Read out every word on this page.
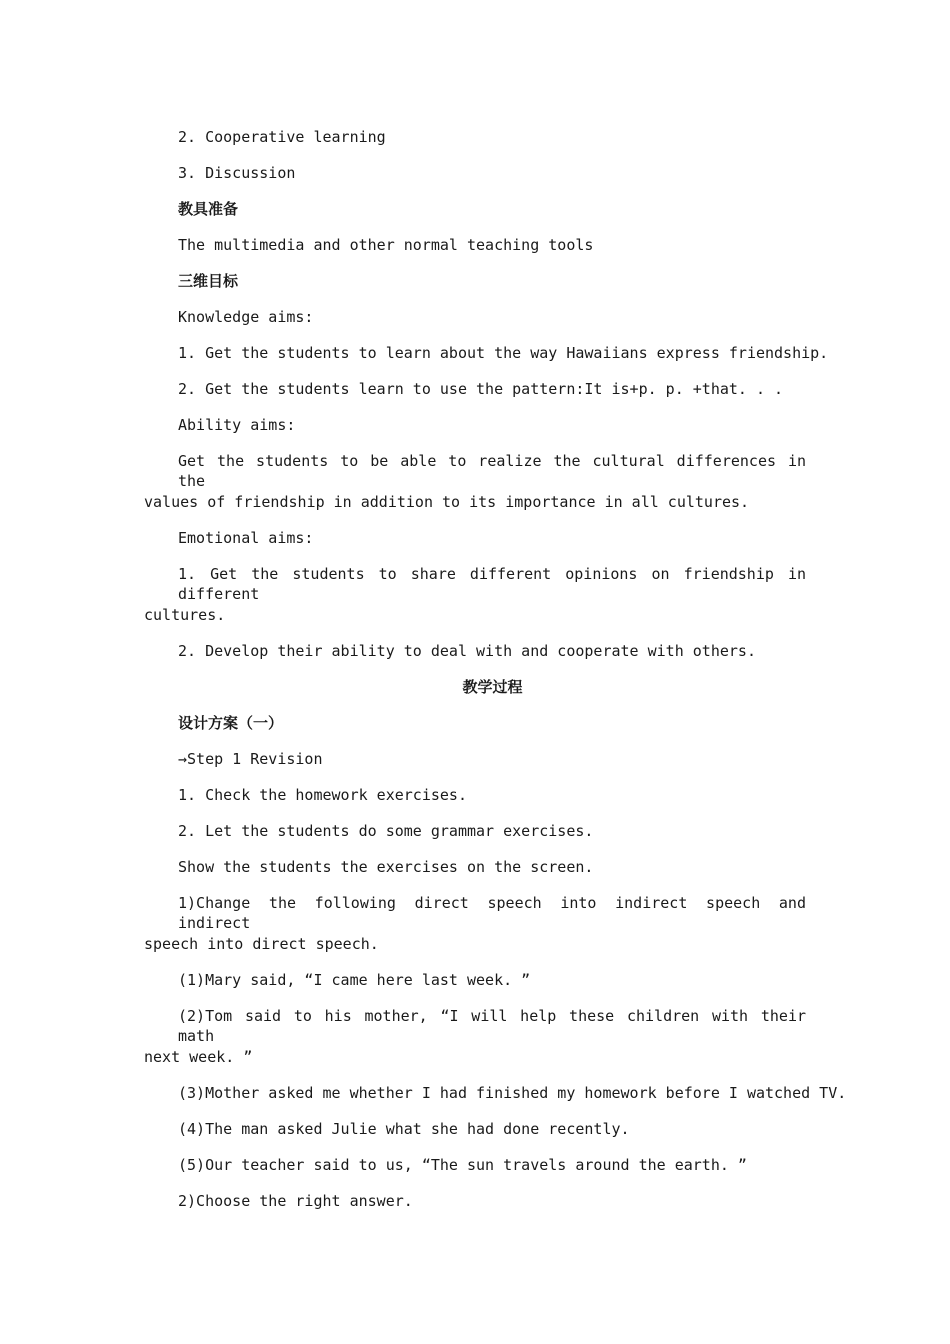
2. Cooperative learning
3. Discussion
教具准备
The multimedia and other normal teaching tools
三维目标
Knowledge aims:
1. Get the students to learn about the way Hawaiians express friendship.
2. Get the students learn to use the pattern:It is+p. p. +that. . .
Ability aims:
Get the students to be able to realize the cultural differences in the
values of friendship in addition to its importance in all cultures.
Emotional aims:
1. Get the students to share different opinions on friendship in different
cultures.
2. Develop their ability to deal with and cooperate with others.
教学过程
设计方案（一）
→Step 1 Revision
1. Check the homework exercises.
2. Let the students do some grammar exercises.
Show the students the exercises on the screen.
1)Change the following direct speech into indirect speech and indirect
speech into direct speech.
(1)Mary said, “I came here last week. ”
(2)Tom said to his mother, “I will help these children with their math
next week. ”
(3)Mother asked me whether I had finished my homework before I watched TV.
(4)The man asked Julie what she had done recently.
(5)Our teacher said to us, “The sun travels around the earth. ”
2)Choose the right answer.
